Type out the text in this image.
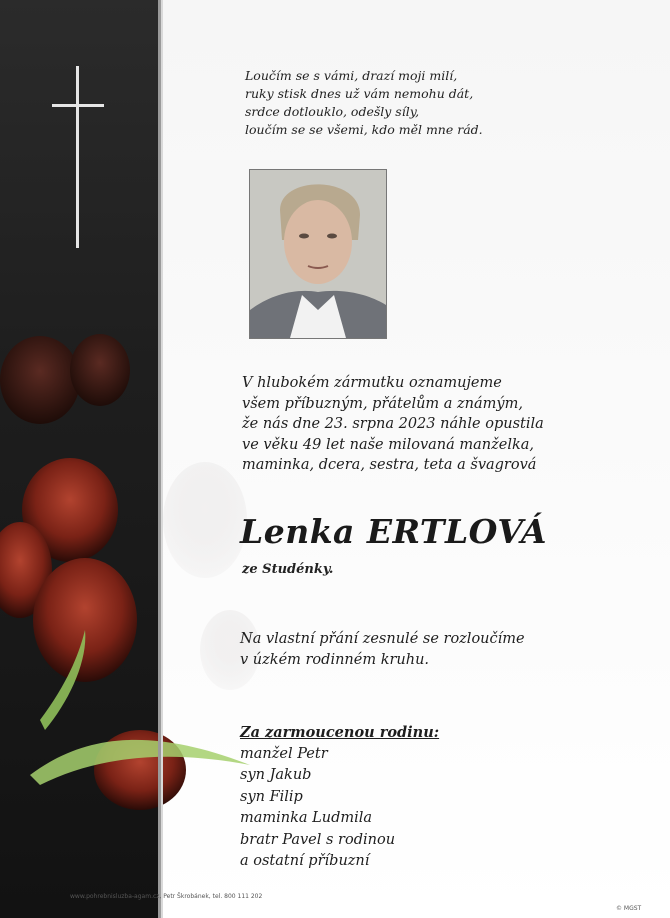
Loučím se s vámi, drazí moji milí,
ruky stisk dnes už vám nemohu dát,
srdce dotlouklo, odešly síly,
loučím se se všemi, kdo měl mne rád.
V hlubokém zármutku oznamujeme
všem příbuzným, přátelům a známým,
že nás dne 23. srpna 2023 náhle opustila
ve věku 49 let naše milovaná manželka,
maminka, dcera, sestra, teta a švagrová
Lenka ERTLOVÁ
ze Studénky.
Na vlastní přání zesnulé se rozloučíme
v úzkém rodinném kruhu.
Za zarmoucenou rodinu:
manžel Petr
syn Jakub
syn Filip
maminka Ludmila
bratr Pavel s rodinou
a ostatní příbuzní
www.pohrebnisluzba-agam.cz, Petr Škrobánek, tel. 800 111 202
© MGST
